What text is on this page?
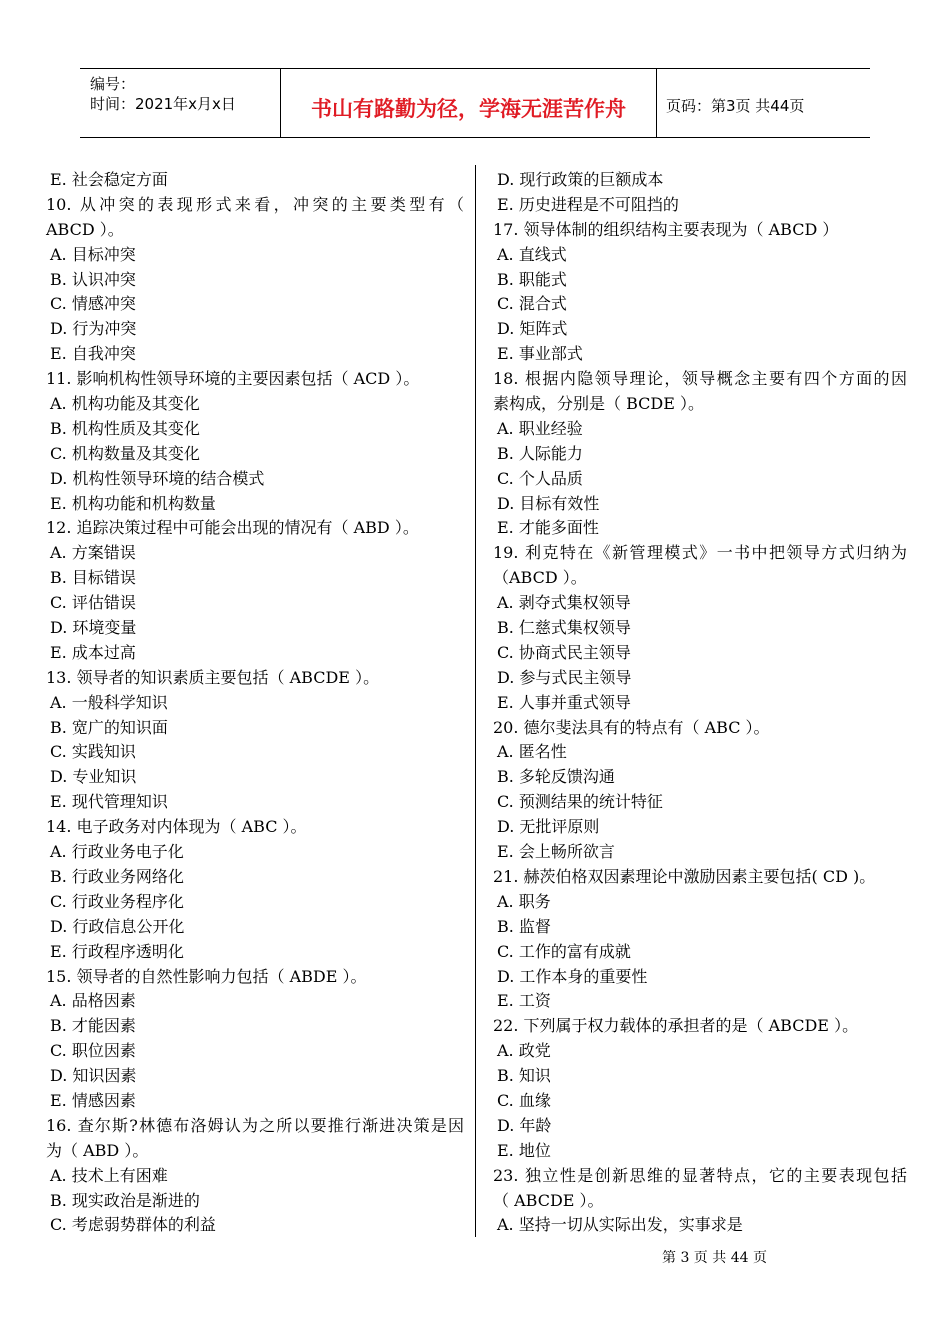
编号：
时间：2021年x月x日	书山有路勤为径，学海无涯苦作舟	页码：第3页 共44页
E. 社会稳定方面
10. 从冲突的表现形式来看，冲突的主要类型有（
ABCD ）。
A. 目标冲突
B. 认识冲突
C. 情感冲突
D. 行为冲突
E. 自我冲突
11. 影响机构性领导环境的主要因素包括（ ACD ）。
A. 机构功能及其变化
B. 机构性质及其变化
C. 机构数量及其变化
D. 机构性领导环境的结合模式
E. 机构功能和机构数量
12. 追踪决策过程中可能会出现的情况有（ ABD ）。
A. 方案错误
B. 目标错误
C. 评估错误
D. 环境变量
E. 成本过高
13. 领导者的知识素质主要包括（ ABCDE ）。
A. 一般科学知识
B. 宽广的知识面
C. 实践知识
D. 专业知识
E. 现代管理知识
14. 电子政务对内体现为（ ABC ）。
A. 行政业务电子化
B. 行政业务网络化
C. 行政业务程序化
D. 行政信息公开化
E. 行政程序透明化
15. 领导者的自然性影响力包括（ ABDE ）。
A. 品格因素
B. 才能因素
C. 职位因素
D. 知识因素
E. 情感因素
16. 查尔斯?林德布洛姆认为之所以要推行渐进决策是因
为（ ABD ）。
A. 技术上有困难
B. 现实政治是渐进的
C. 考虑弱势群体的利益
D. 现行政策的巨额成本
E. 历史进程是不可阻挡的
17. 领导体制的组织结构主要表现为（ ABCD ）
A. 直线式
B. 职能式
C. 混合式
D. 矩阵式
E. 事业部式
18. 根据内隐领导理论，领导概念主要有四个方面的因
素构成，分别是（ BCDE ）。
A. 职业经验
B. 人际能力
C. 个人品质
D. 目标有效性
E. 才能多面性
19. 利克特在《新管理模式》一书中把领导方式归纳为
（ABCD ）。
A. 剥夺式集权领导
B. 仁慈式集权领导
C. 协商式民主领导
D. 参与式民主领导
E. 人事并重式领导
20. 德尔斐法具有的特点有（ ABC ）。
A. 匿名性
B. 多轮反馈沟通
C. 预测结果的统计特征
D. 无批评原则
E. 会上畅所欲言
21. 赫茨伯格双因素理论中激励因素主要包括( CD )。
A. 职务
B. 监督
C. 工作的富有成就
D. 工作本身的重要性
E. 工资
22. 下列属于权力载体的承担者的是（ ABCDE ）。
A. 政党
B. 知识
C. 血缘
D. 年龄
E. 地位
23. 独立性是创新思维的显著特点，它的主要表现包括
（ ABCDE ）。
A. 坚持一切从实际出发，实事求是
第 3 页 共 44 页
